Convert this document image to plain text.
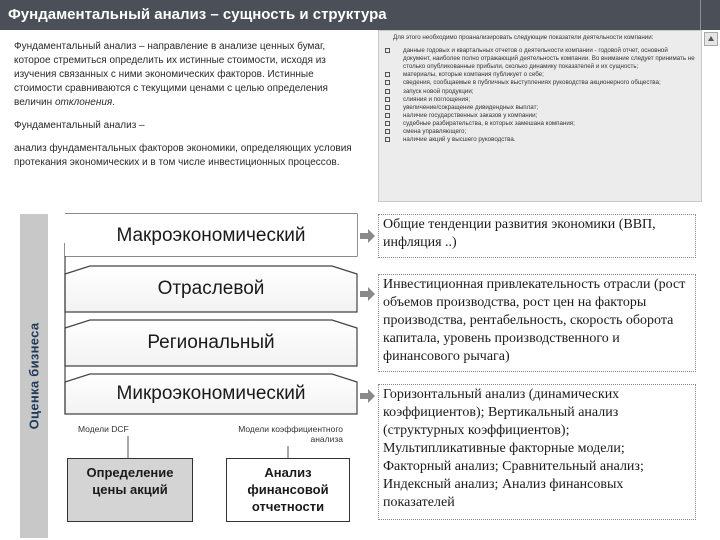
Фундаментальный анализ – сущность и структура

Фундаментальный анализ – направление в анализе ценных бумаг, которое стремиться определить их истинные стоимости, исходя из изучения связанных с ними экономических факторов. Истинные стоимости сравниваются с текущими ценами с целью определения величин отклонения.

Фундаментальный анализ –

анализ фундаментальных факторов экономики, определяющих условия протекания экономических и в том числе инвестиционных процессов.

Для этого необходимо проанализировать следующие показатели деятельности компании:
данные годовых и квартальных отчетов о деятельности компании - годовой отчет, основной документ, наиболее полно отражающий деятельность компании. Во внимание следует принимать не столько опубликованные прибыли, сколько динамику показателей и их сущность;
материалы, которые компания публикует о себе;
сведения, сообщаемые в публичных выступлениях руководства акционерного общества;
запуск новой продукции;
слияния и поглощения;
увеличение/сокращение дивидендных выплат;
наличие государственных заказов у компании;
судебные разбирательства, в которых замешана компания;
смена управляющего;
наличие акций у высшего руководства.
Оценка бизнеса
Макроэкономический
Отраслевой
Региональный
Микроэкономический
Модели DCF	Модели коэффициентного анализа
Определение цены акций
Анализ финансовой отчетности
Общие тенденции развития экономики (ВВП, инфляция ..)
Инвестиционная привлекательность отрасли (рост объемов производства, рост цен на факторы производства, рентабельность, скорость оборота капитала, уровень производственного и финансового рычага)
Горизонтальный анализ (динамических коэффициентов); Вертикальный анализ (структурных коэффициентов); Мультипликативные факторные модели; Факторный анализ; Сравнительный анализ; Индексный анализ; Анализ финансовых показателей
